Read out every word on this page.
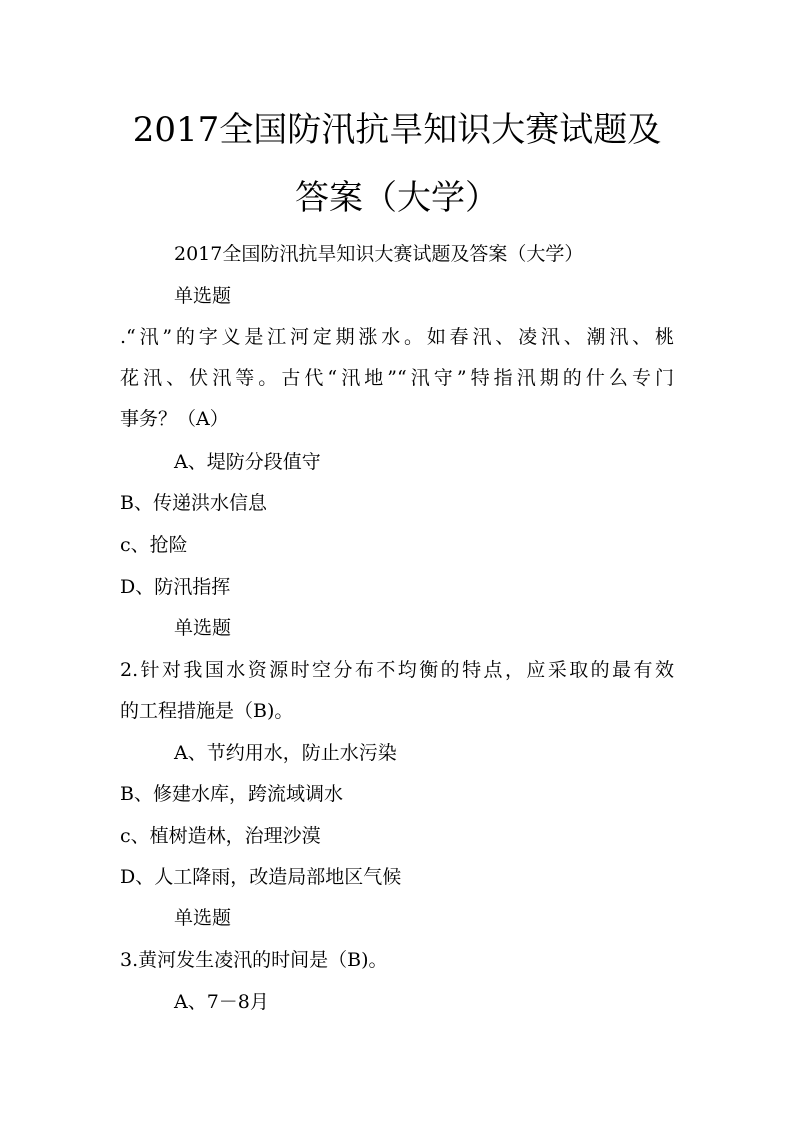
2017全国防汛抗旱知识大赛试题及
答案（大学）
2017全国防汛抗旱知识大赛试题及答案（大学）
单选题
.“汛”的字义是江河定期涨水。如春汛、凌汛、潮汛、桃
花汛、伏汛等。古代“汛地”“汛守”特指汛期的什么专门
事务？（A）
A、堤防分段值守
B、传递洪水信息
c、抢险
D、防汛指挥
单选题
2.针对我国水资源时空分布不均衡的特点，应采取的最有效
的工程措施是（B)。
A、节约用水，防止水污染
B、修建水库，跨流域调水
c、植树造林，治理沙漠
D、人工降雨，改造局部地区气候
单选题
3.黄河发生凌汛的时间是（B)。
A、7－8月
